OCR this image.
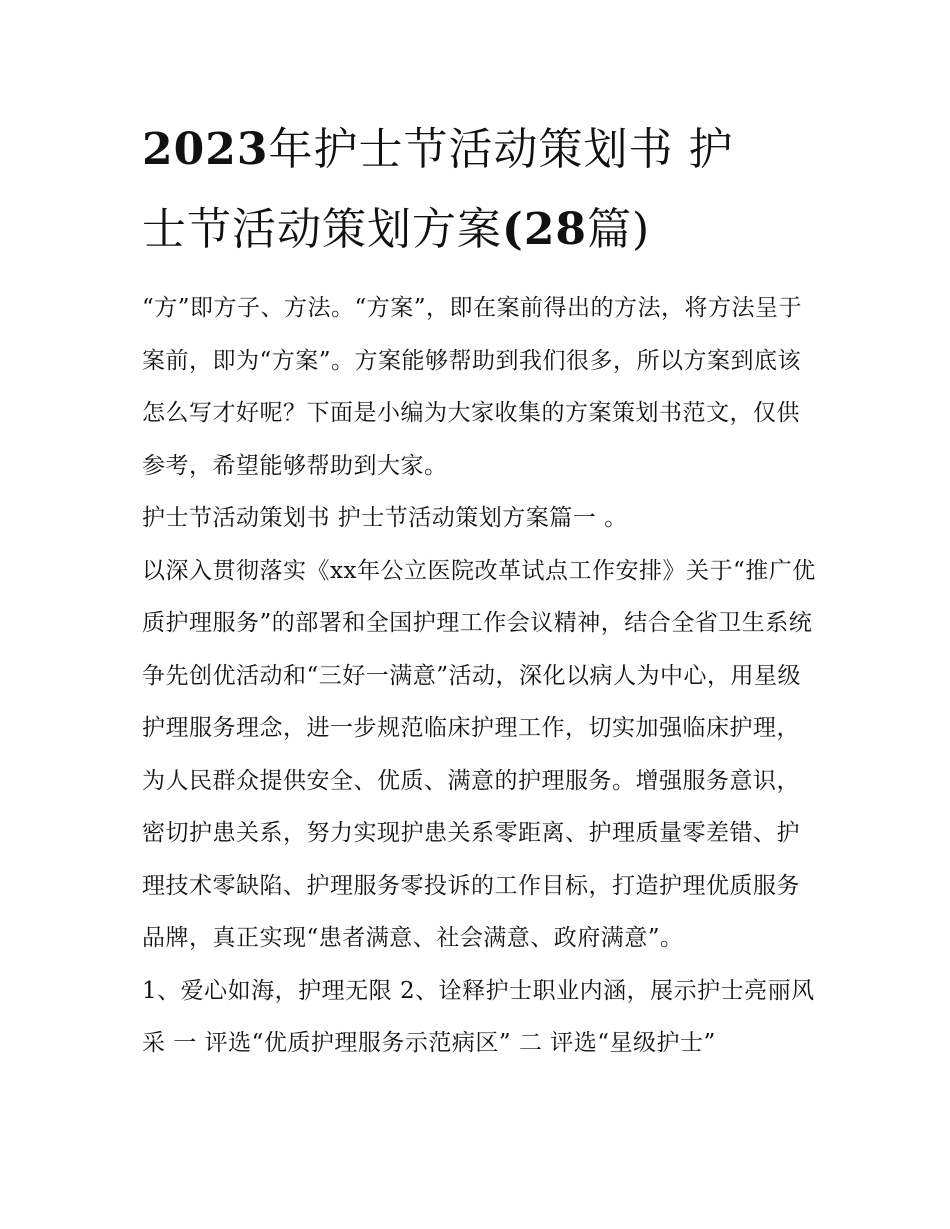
2023年护士节活动策划书 护
士节活动策划方案(28篇)

“方”即方子、方法。“方案”，即在案前得出的方法，将方法呈于案前，即为“方案”。方案能够帮助到我们很多，所以方案到底该怎么写才好呢？下面是小编为大家收集的方案策划书范文，仅供参考，希望能够帮助到大家。

护士节活动策划书 护士节活动策划方案篇一 。

以深入贯彻落实《xx年公立医院改革试点工作安排》关于“推广优质护理服务”的部署和全国护理工作会议精神，结合全省卫生系统争先创优活动和“三好一满意”活动，深化以病人为中心，用星级护理服务理念，进一步规范临床护理工作，切实加强临床护理，为人民群众提供安全、优质、满意的护理服务。增强服务意识，密切护患关系，努力实现护患关系零距离、护理质量零差错、护理技术零缺陷、护理服务零投诉的工作目标，打造护理优质服务品牌，真正实现“患者满意、社会满意、政府满意”。

1、爱心如海，护理无限 2、诠释护士职业内涵，展示护士亮丽风采 一 评选“优质护理服务示范病区” 二 评选“星级护士”
